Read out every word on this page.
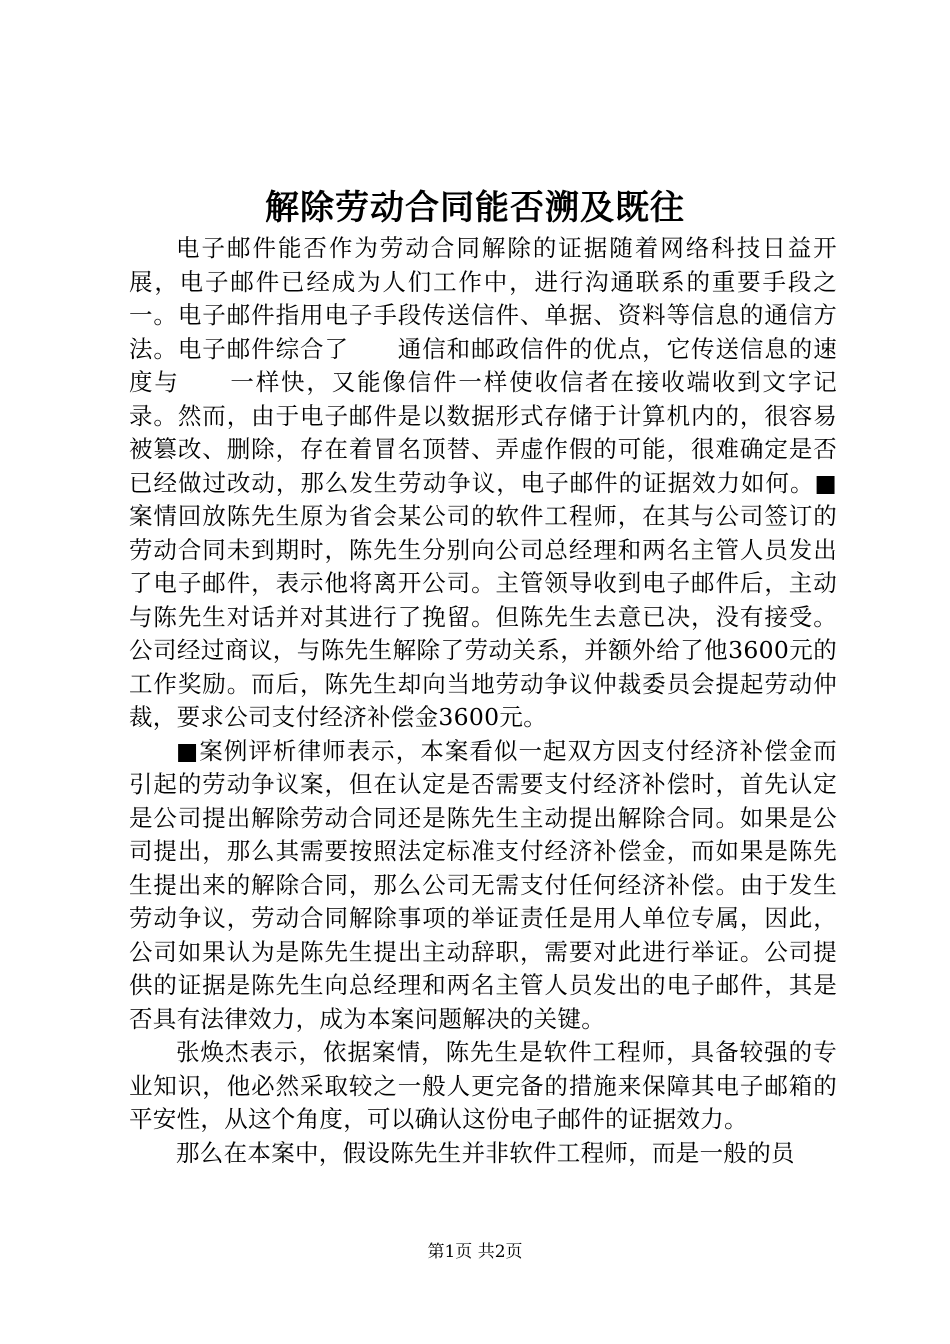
解除劳动合同能否溯及既往

电子邮件能否作为劳动合同解除的证据随着网络科技日益开展，电子邮件已经成为人们工作中，进行沟通联系的重要手段之一。电子邮件指用电子手段传送信件、单据、资料等信息的通信方法。电子邮件综合了　　通信和邮政信件的优点，它传送信息的速度与　　一样快，又能像信件一样使收信者在接收端收到文字记录。然而，由于电子邮件是以数据形式存储于计算机内的，很容易被篡改、删除，存在着冒名顶替、弄虚作假的可能，很难确定是否已经做过改动，那么发生劳动争议，电子邮件的证据效力如何。■案情回放陈先生原为省会某公司的软件工程师，在其与公司签订的劳动合同未到期时，陈先生分别向公司总经理和两名主管人员发出了电子邮件，表示他将离开公司。主管领导收到电子邮件后，主动与陈先生对话并对其进行了挽留。但陈先生去意已决，没有接受。公司经过商议，与陈先生解除了劳动关系，并额外给了他3600元的工作奖励。而后，陈先生却向当地劳动争议仲裁委员会提起劳动仲裁，要求公司支付经济补偿金3600元。

■案例评析律师表示，本案看似一起双方因支付经济补偿金而引起的劳动争议案，但在认定是否需要支付经济补偿时，首先认定是公司提出解除劳动合同还是陈先生主动提出解除合同。如果是公司提出，那么其需要按照法定标准支付经济补偿金，而如果是陈先生提出来的解除合同，那么公司无需支付任何经济补偿。由于发生劳动争议，劳动合同解除事项的举证责任是用人单位专属，因此，公司如果认为是陈先生提出主动辞职，需要对此进行举证。公司提供的证据是陈先生向总经理和两名主管人员发出的电子邮件，其是否具有法律效力，成为本案问题解决的关键。

张焕杰表示，依据案情，陈先生是软件工程师，具备较强的专业知识，他必然采取较之一般人更完备的措施来保障其电子邮箱的平安性，从这个角度，可以确认这份电子邮件的证据效力。

那么在本案中，假设陈先生并非软件工程师，而是一般的员

第1页 共2页
